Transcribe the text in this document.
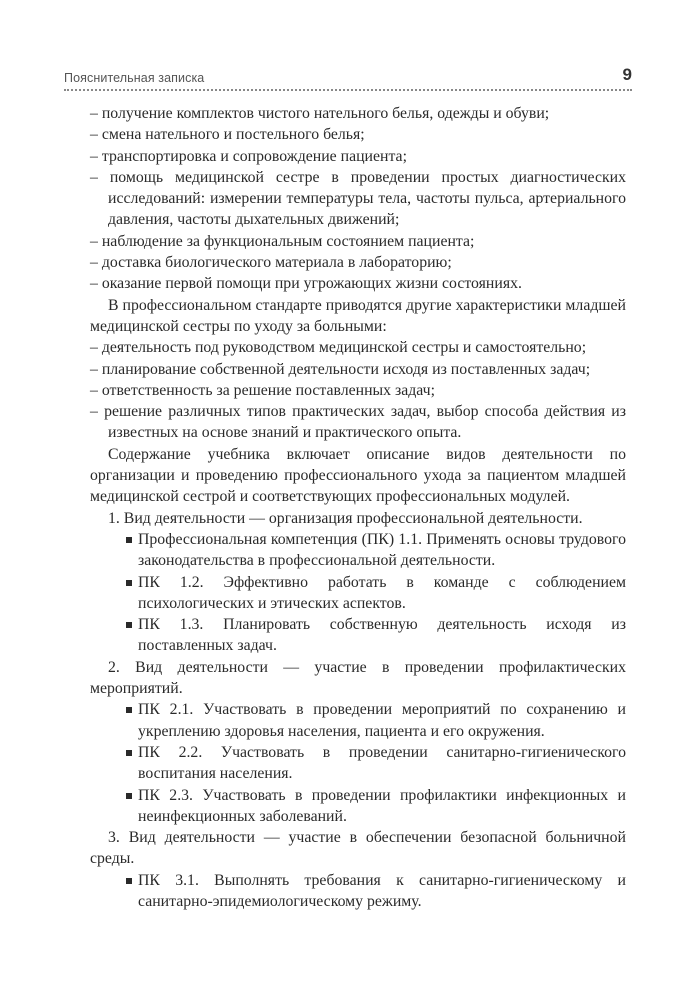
Пояснительная записка	9

– получение комплектов чистого нательного белья, одежды и обуви;

– смена нательного и постельного белья;

– транспортировка и сопровождение пациента;

– помощь медицинской сестре в проведении простых диагностических исследований: измерении температуры тела, частоты пульса, артериального давления, частоты дыхательных движений;

– наблюдение за функциональным состоянием пациента;

– доставка биологического материала в лабораторию;

– оказание первой помощи при угрожающих жизни состояниях.

В профессиональном стандарте приводятся другие характеристики младшей медицинской сестры по уходу за больными:

– деятельность под руководством медицинской сестры и самостоятельно;

– планирование собственной деятельности исходя из поставленных задач;

– ответственность за решение поставленных задач;

– решение различных типов практических задач, выбор способа действия из известных на основе знаний и практического опыта.

Содержание учебника включает описание видов деятельности по организации и проведению профессионального ухода за пациентом младшей медицинской сестрой и соответствующих профессиональных модулей.

1. Вид деятельности — организация профессиональной деятельности.

Профессиональная компетенция (ПК) 1.1. Применять основы трудового законодательства в профессиональной деятельности.

ПК 1.2. Эффективно работать в команде с соблюдением психологических и этических аспектов.

ПК 1.3. Планировать собственную деятельность исходя из поставленных задач.

2. Вид деятельности — участие в проведении профилактических мероприятий.

ПК 2.1. Участвовать в проведении мероприятий по сохранению и укреплению здоровья населения, пациента и его окружения.

ПК 2.2. Участвовать в проведении санитарно-гигиенического воспитания населения.

ПК 2.3. Участвовать в проведении профилактики инфекционных и неинфекционных заболеваний.

3. Вид деятельности — участие в обеспечении безопасной больничной среды.

ПК 3.1. Выполнять требования к санитарно-гигиеническому и санитарно-эпидемиологическому режиму.
